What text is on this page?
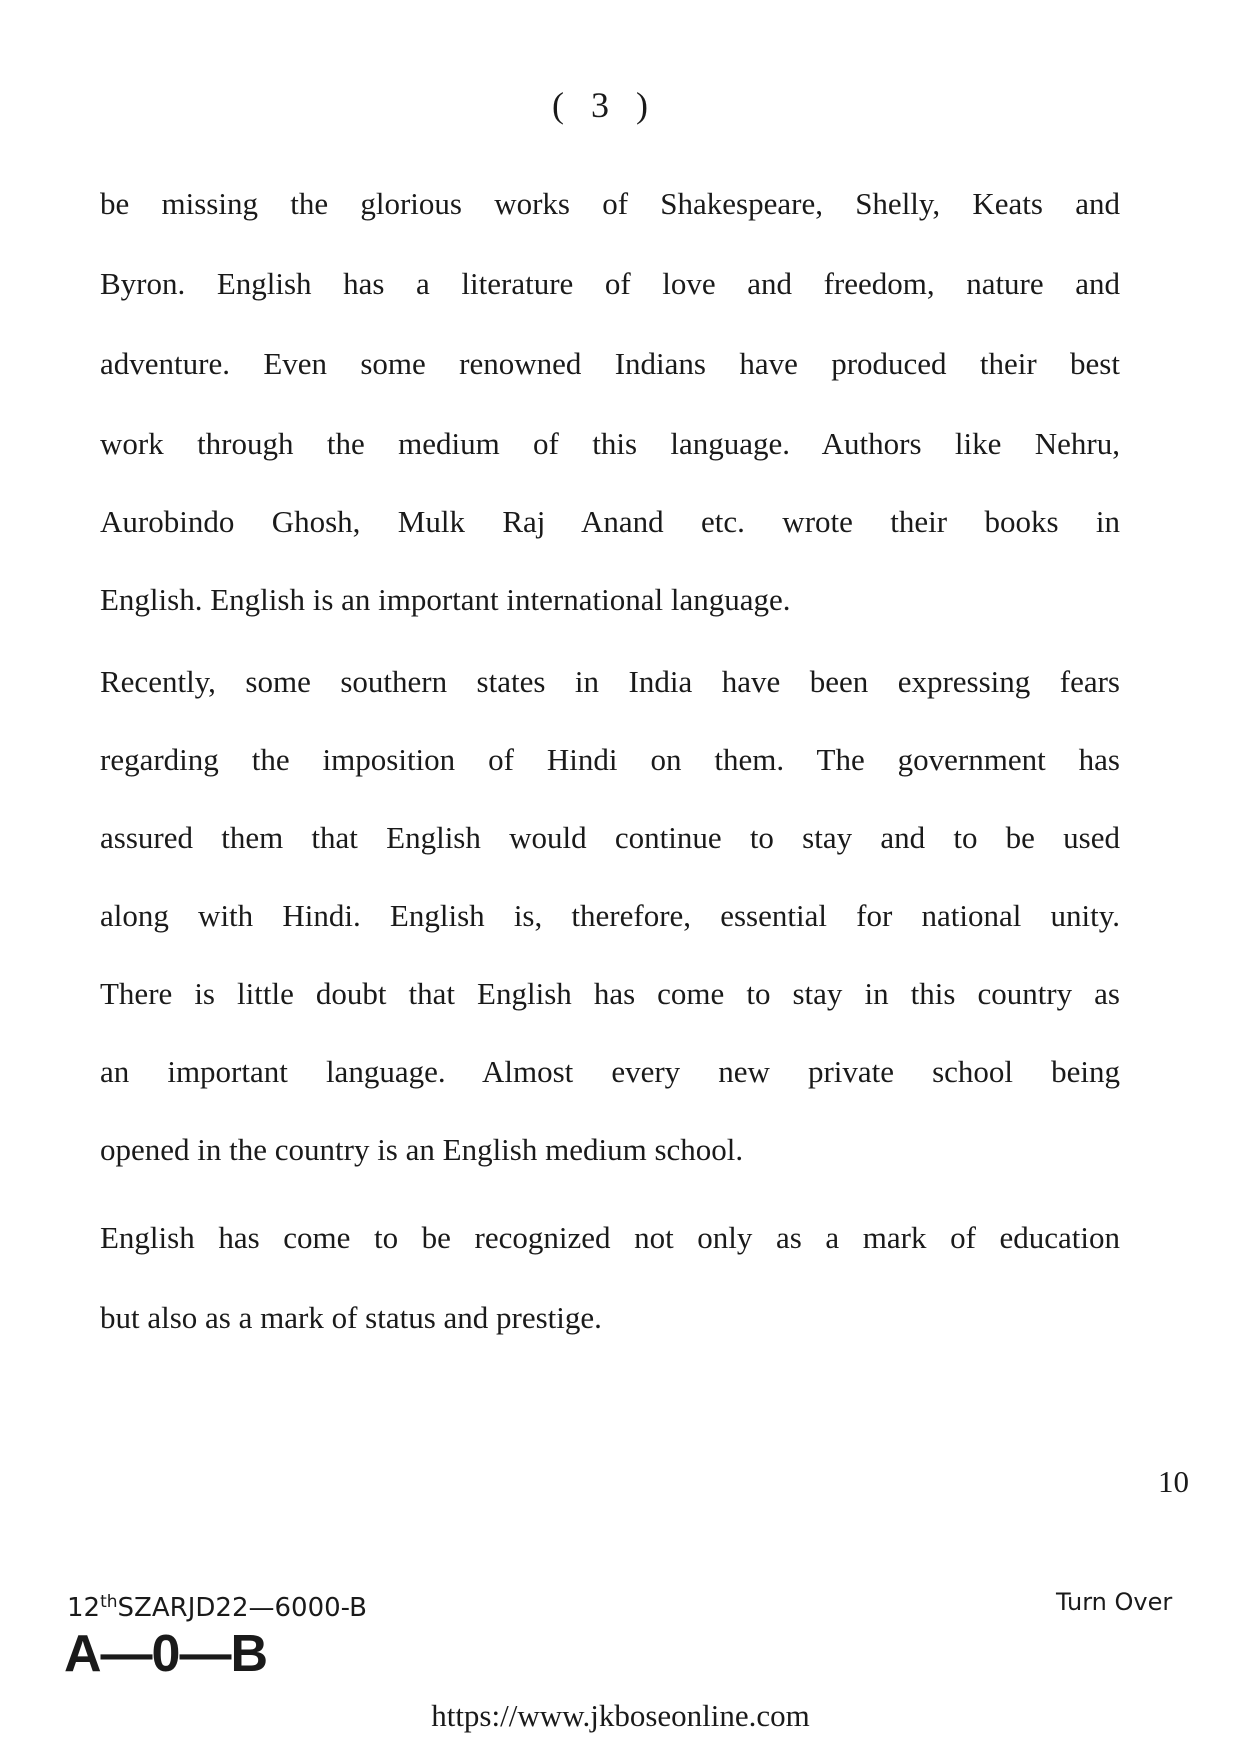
( 3 )
be missing the glorious works of Shakespeare, Shelly, Keats and
Byron. English has a literature of love and freedom, nature and
adventure. Even some renowned Indians have produced their best
work through the medium of this language. Authors like Nehru,
Aurobindo Ghosh, Mulk Raj Anand etc. wrote their books in
English. English is an important international language.
Recently, some southern states in India have been expressing fears
regarding the imposition of Hindi on them. The government has
assured them that English would continue to stay and to be used
along with Hindi. English is, therefore, essential for national unity.
There is little doubt that English has come to stay in this country as
an important language. Almost every new private school being
opened in the country is an English medium school.
English has come to be recognized not only as a mark of education
but also as a mark of status and prestige.
10
12thSZARJD22—6000-B	Turn Over
A—0—B
https://www.jkboseonline.com
